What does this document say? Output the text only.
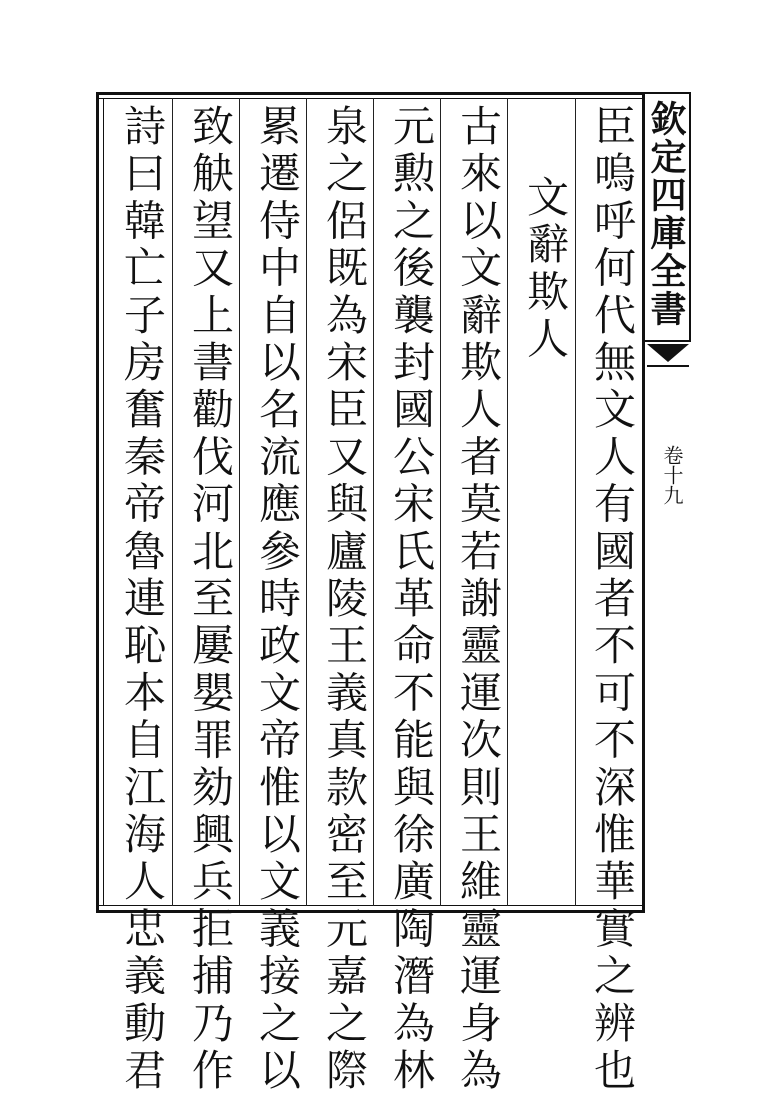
欽定四庫全書
卷十九
臣嗚呼何代無文人有國者不可不深惟華實之辨也
文辭欺人
古來以文辭欺人者莫若謝靈運次則王維靈運身為
元勲之後襲封國公宋氏革命不能與徐廣陶潛為林
泉之侶既為宋臣又與廬陵王義真款密至元嘉之際
累遷侍中自以名流應參時政文帝惟以文義接之以
致觖望又上書勸伐河北至屢嬰罪劾興兵拒捕乃作
詩曰韓亡子房奮秦帝魯連恥本自江海人忠義動君
